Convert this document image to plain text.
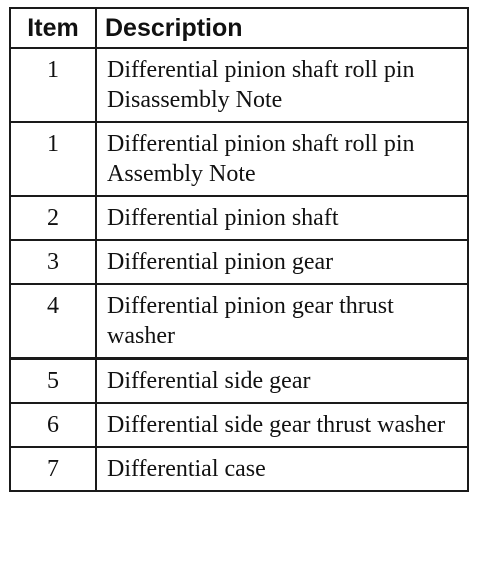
Item	Description
1	Differential pinion shaft roll pin
Disassembly Note

1	Differential pinion shaft roll pin
Assembly Note

2	Differential pinion shaft

3	Differential pinion gear

4	Differential pinion gear thrust washer

5	Differential side gear

6	Differential side gear thrust washer

7	Differential case
